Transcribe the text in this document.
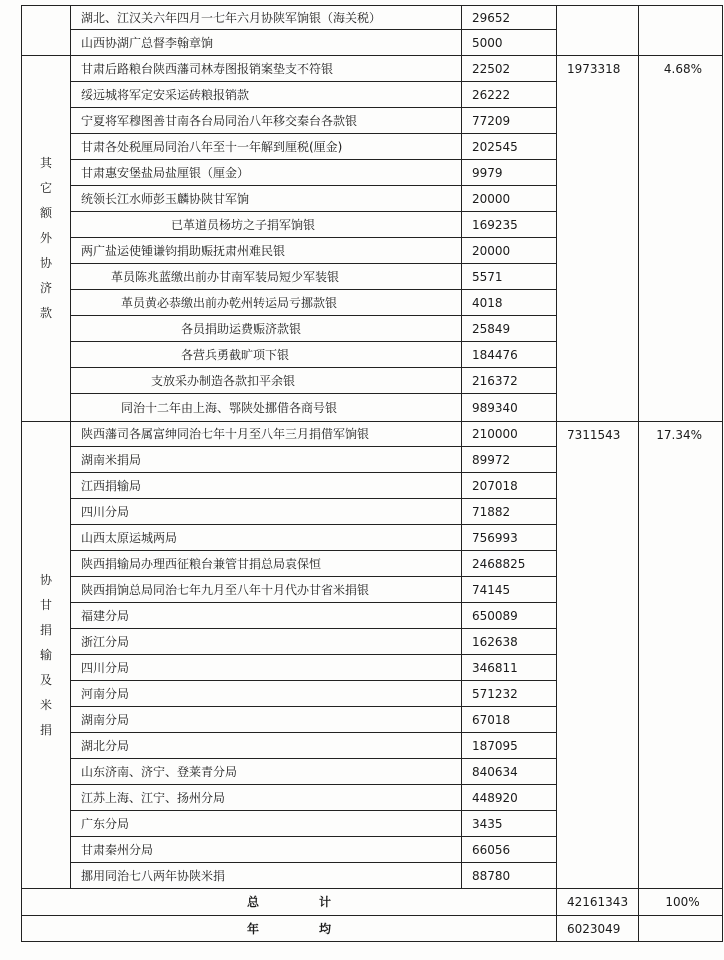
	湖北、江汉关六年四月一七年六月协陕军饷银（海关税）	29652		
	山西协湖广总督李翰章饷	5000		
其它额外协济款	甘肃后路粮台陕西藩司林寿图报销案垫支不符银	22502	1973318	4.68%
	绥远城将军定安采运砖粮报销款	26222		
	宁夏将军穆图善甘南各台局同治八年移交秦台各款银	77209		
	甘肃各处税厘局同治八年至十一年解到厘税(厘金)	202545		
	甘肃惠安堡盐局盐厘银（厘金）	9979		
	统领长江水师彭玉麟协陕甘军饷	20000		
	已革道员杨坊之子捐军饷银	169235		
	两广盐运使锺谦钧捐助赈抚肃州难民银	20000		
	革员陈兆蓝缴出前办甘南军装局短少军装银	5571		
	革员黄必恭缴出前办乾州转运局亏挪款银	4018		
	各员捐助运费赈济款银	25849		
	各营兵勇截旷项下银	184476		
	支放采办制造各款扣平余银	216372		
	同治十二年由上海、鄂陕处挪借各商号银	989340		
协甘捐输及米捐	陕西藩司各属富绅同治七年十月至八年三月捐借军饷银	210000	7311543	17.34%
	湖南米捐局	89972		
	江西捐输局	207018		
	四川分局	71882		
	山西太原运城两局	756993		
	陕西捐输局办理西征粮台兼管甘捐总局袁保恒	2468825		
	陕西捐饷总局同治七年九月至八年十月代办甘省米捐银	74145		
	福建分局	650089		
	浙江分局	162638		
	四川分局	346811		
	河南分局	571232		
	湖南分局	67018		
	湖北分局	187095		
	山东济南、济宁、登莱青分局	840634		
	江苏上海、江宁、扬州分局	448920		
	广东分局	3435		
	甘肃秦州分局	66056		
	挪用同治七八两年协陕米捐	88780		
总 计			42161343	100%
年 均			6023049	
